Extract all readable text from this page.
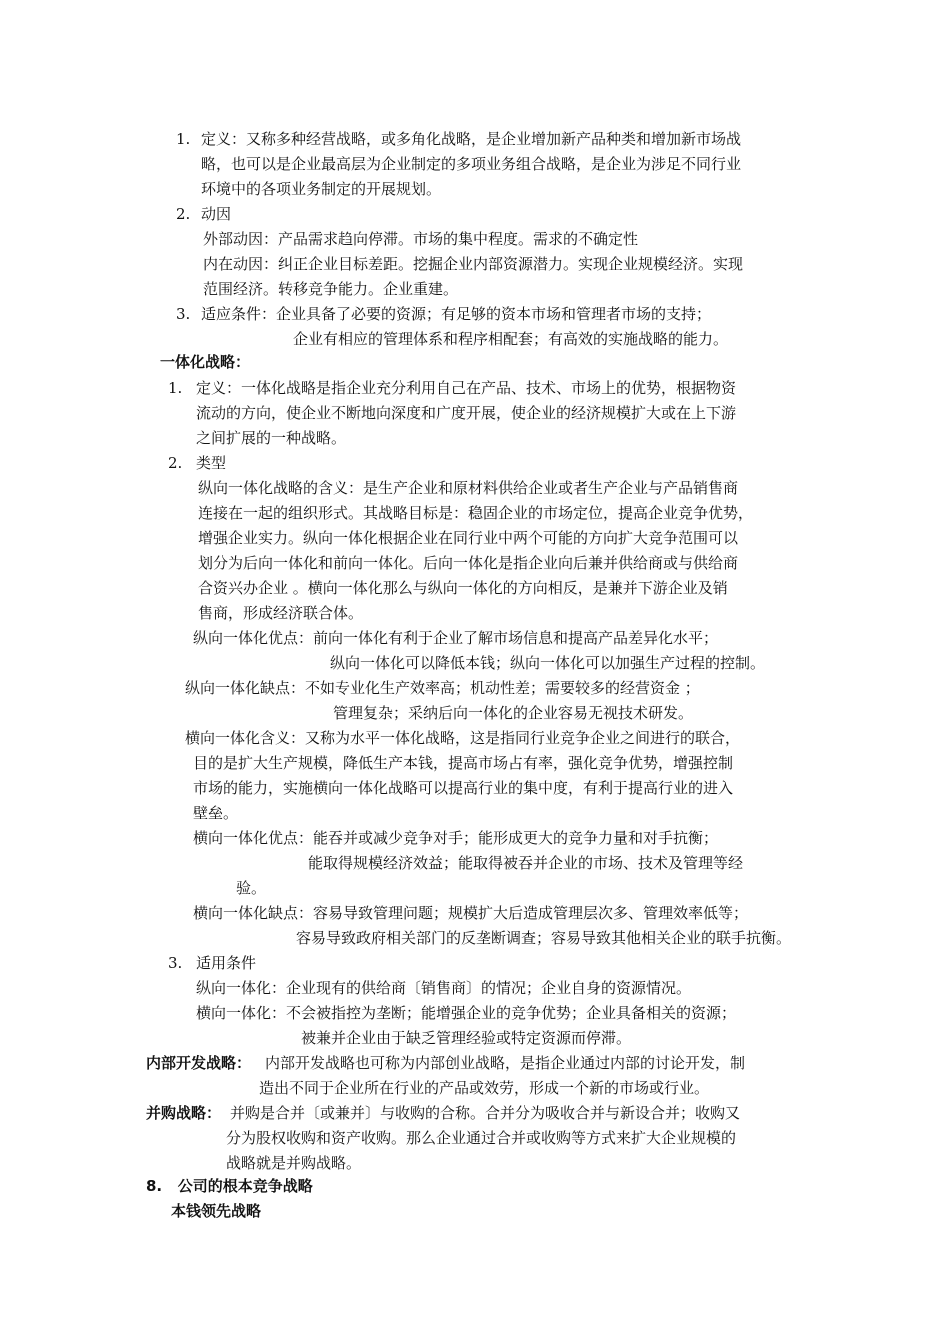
1. 定义：又称多种经营战略，或多角化战略，是企业增加新产品种类和增加新市场战
略，也可以是企业最高层为企业制定的多项业务组合战略，是企业为涉足不同行业
环境中的各项业务制定的开展规划。
2. 动因
外部动因：产品需求趋向停滞。市场的集中程度。需求的不确定性
内在动因：纠正企业目标差距。挖掘企业内部资源潜力。实现企业规模经济。实现
范围经济。转移竞争能力。企业重建。
3. 适应条件：企业具备了必要的资源；有足够的资本市场和管理者市场的支持；
企业有相应的管理体系和程序相配套；有高效的实施战略的能力。
一体化战略：
1. 定义：一体化战略是指企业充分利用自己在产品、技术、市场上的优势，根据物资
流动的方向，使企业不断地向深度和广度开展，使企业的经济规模扩大或在上下游
之间扩展的一种战略。
2. 类型
纵向一体化战略的含义：是生产企业和原材料供给企业或者生产企业与产品销售商
连接在一起的组织形式。其战略目标是：稳固企业的市场定位，提高企业竞争优势，
增强企业实力。纵向一体化根据企业在同行业中两个可能的方向扩大竞争范围可以
划分为后向一体化和前向一体化。后向一体化是指企业向后兼并供给商或与供给商
合资兴办企业 。横向一体化那么与纵向一体化的方向相反，是兼并下游企业及销
售商，形成经济联合体。
纵向一体化优点：前向一体化有利于企业了解市场信息和提高产品差异化水平；
纵向一体化可以降低本钱；纵向一体化可以加强生产过程的控制。
纵向一体化缺点：不如专业化生产效率高；机动性差；需要较多的经营资金 ；
管理复杂；采纳后向一体化的企业容易无视技术研发。
横向一体化含义：又称为水平一体化战略，这是指同行业竞争企业之间进行的联合，
目的是扩大生产规模，降低生产本钱，提高市场占有率，强化竞争优势，增强控制
市场的能力，实施横向一体化战略可以提高行业的集中度，有利于提高行业的进入
壁垒。
横向一体化优点：能吞并或减少竞争对手；能形成更大的竞争力量和对手抗衡；
能取得规模经济效益；能取得被吞并企业的市场、技术及管理等经
验。
横向一体化缺点：容易导致管理问题；规模扩大后造成管理层次多、管理效率低等；
容易导致政府相关部门的反垄断调查；容易导致其他相关企业的联手抗衡。
3. 适用条件
纵向一体化：企业现有的供给商〔销售商〕的情况；企业自身的资源情况。
横向一体化：不会被指控为垄断；能增强企业的竞争优势；企业具备相关的资源；
被兼并企业由于缺乏管理经验或特定资源而停滞。
内部开发战略： 内部开发战略也可称为内部创业战略，是指企业通过内部的讨论开发，制
造出不同于企业所在行业的产品或效劳，形成一个新的市场或行业。
并购战略： 并购是合并〔或兼并〕与收购的合称。合并分为吸收合并与新设合并；收购又
分为股权收购和资产收购。那么企业通过合并或收购等方式来扩大企业规模的
战略就是并购战略。
8.   公司的根本竞争战略
本钱领先战略
